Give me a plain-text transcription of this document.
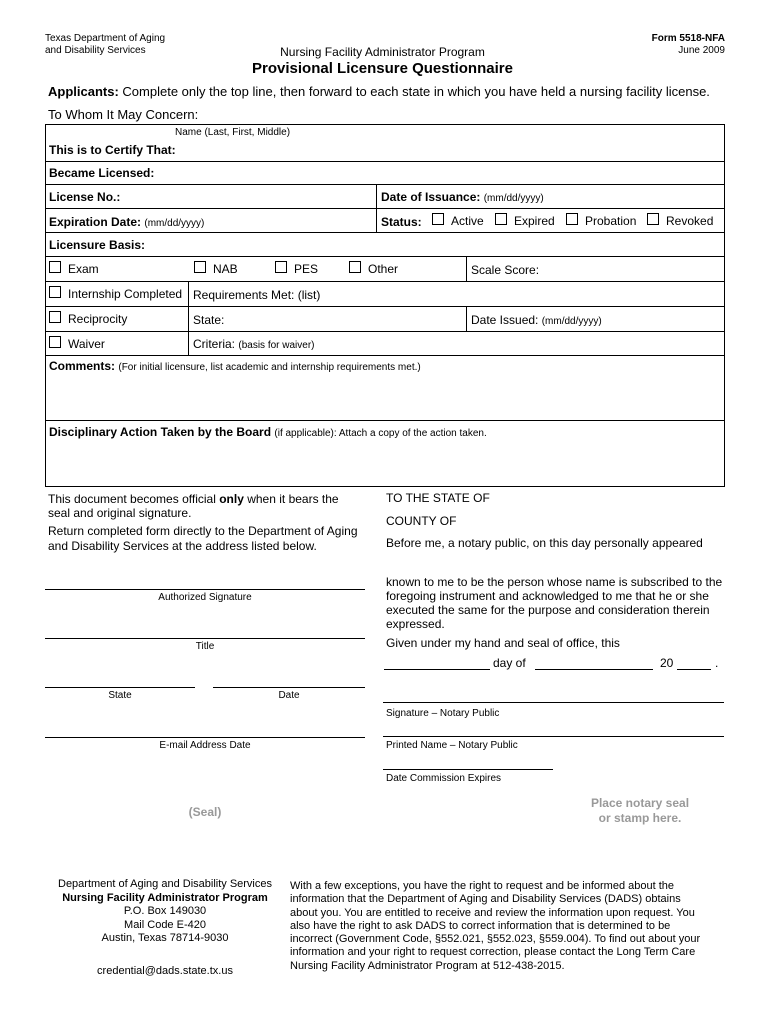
Texas Department of Aging
and Disability Services	Nursing Facility Administrator Program
Provisional Licensure Questionnaire
Form 5518-NFA
June 2009
Applicants: Complete only the top line, then forward to each state in which you have held a nursing facility license.
To Whom It May Concern:
Name (Last, First, Middle)
This is to Certify That:
Became Licensed:
License No.:	Date of Issuance: (mm/dd/yyyy)
Expiration Date: (mm/dd/yyyy)	Status: Active	Expired	Probation Revoked
Licensure Basis:
Exam	NAB	PES	Other	Scale Score:
Internship Completed Requirements Met: (list)
Reciprocity	State:	Date Issued: (mm/dd/yyyy)
Waiver	Criteria: (basis for waiver)
Comments: (For initial licensure, list academic and internship requirements met.)
Disciplinary Action Taken by the Board (if applicable): Attach a copy of the action taken.
This document becomes official only when it bears the
seal and original signature.
Return completed form directly to the Department of Aging
and Disability Services at the address listed below.
Authorized Signature
Title
State	Date
E-mail Address Date
(Seal)
TO THE STATE OF
COUNTY OF
Before me, a notary public, on this day personally appeared
known to me to be the person whose name is subscribed to the
foregoing instrument and acknowledged to me that he or she
executed the same for the purpose and consideration therein
expressed.
Given under my hand and seal of office, this
day of	20	.
Signature – Notary Public
Printed Name – Notary Public
Date Commission Expires
Place notary seal
or stamp here.
Department of Aging and Disability Services
Nursing Facility Administrator Program
P.O. Box 149030
Mail Code E-420
Austin, Texas 78714-9030
credential@dads.state.tx.us
With a few exceptions, you have the right to request and be informed about the
information that the Department of Aging and Disability Services (DADS) obtains
about you. You are entitled to receive and review the information upon request. You
also have the right to ask DADS to correct information that is determined to be
incorrect (Government Code, §552.021, §552.023, §559.004). To find out about your
information and your right to request correction, please contact the Long Term Care
Nursing Facility Administrator Program at 512-438-2015.
